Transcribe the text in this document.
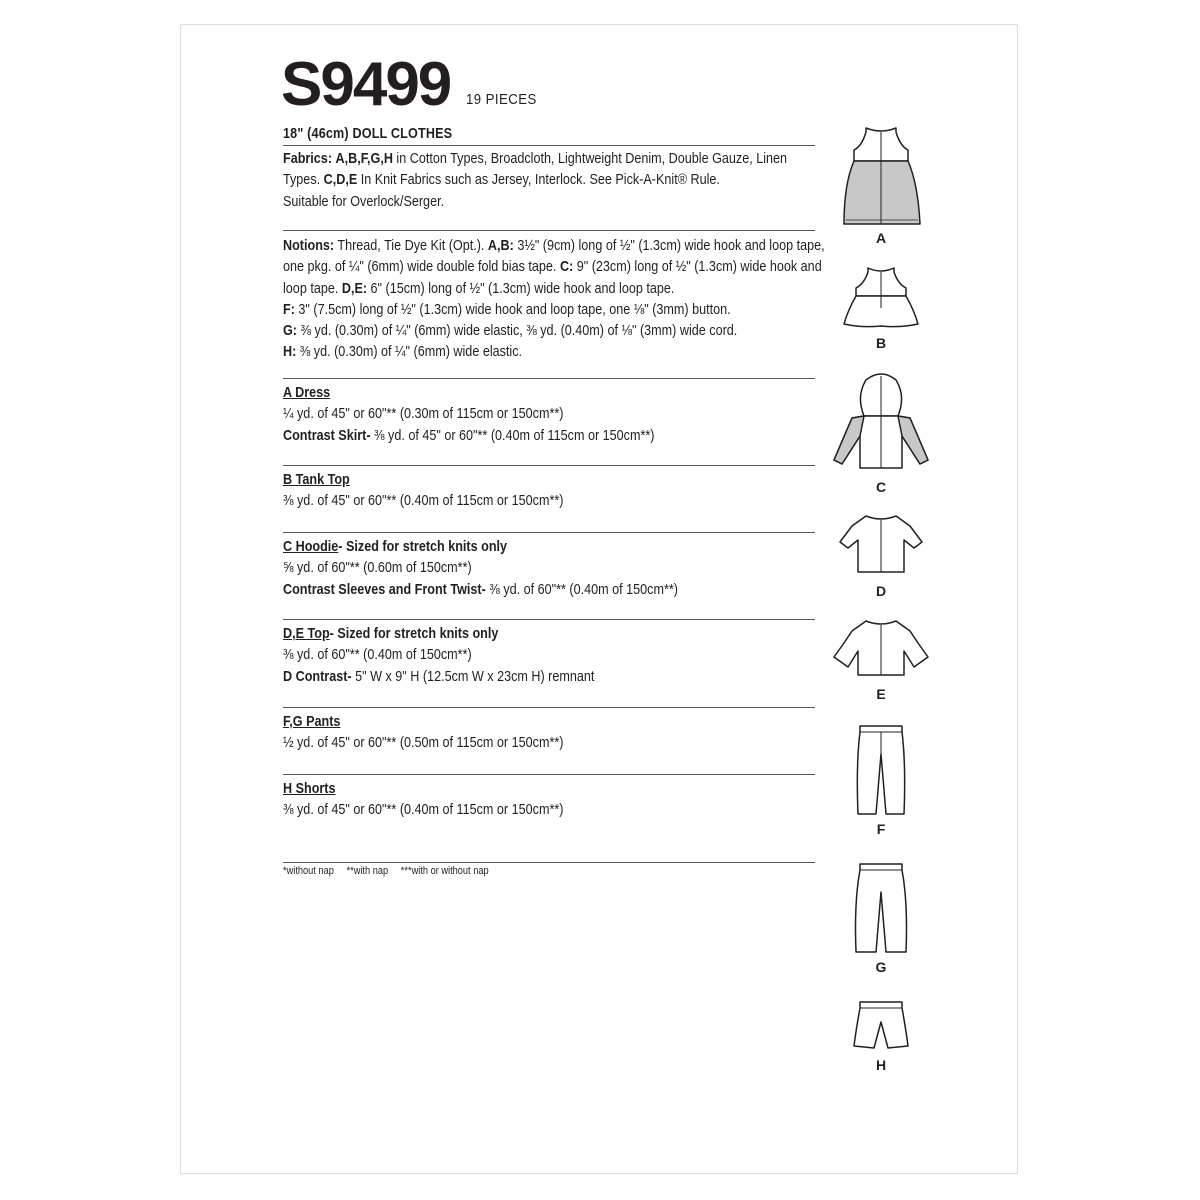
S9499 19 PIECES
18" (46cm) DOLL CLOTHES
Fabrics: A,B,F,G,H in Cotton Types, Broadcloth, Lightweight Denim, Double Gauze, Linen Types. C,D,E In Knit Fabrics such as Jersey, Interlock. See Pick-A-Knit® Rule.
Suitable for Overlock/Serger.
Notions: Thread, Tie Dye Kit (Opt.). A,B: 3½" (9cm) long of ½" (1.3cm) wide hook and loop tape, one pkg. of ¼" (6mm) wide double fold bias tape. C: 9" (23cm) long of ½" (1.3cm) wide hook and loop tape. D,E: 6" (15cm) long of ½" (1.3cm) wide hook and loop tape.
F: 3" (7.5cm) long of ½" (1.3cm) wide hook and loop tape, one ⅛" (3mm) button.
G: ⅜ yd. (0.30m) of ¼" (6mm) wide elastic, ⅜ yd. (0.40m) of ⅛" (3mm) wide cord.
H: ⅜ yd. (0.30m) of ¼" (6mm) wide elastic.
A Dress
¼ yd. of 45" or 60"** (0.30m of 115cm or 150cm**)
Contrast Skirt- ⅜ yd. of 45" or 60"** (0.40m of 115cm or 150cm**)
B Tank Top
⅜ yd. of 45" or 60"** (0.40m of 115cm or 150cm**)
C Hoodie- Sized for stretch knits only
⅝ yd. of 60"** (0.60m of 150cm**)
Contrast Sleeves and Front Twist- ⅜ yd. of 60"** (0.40m of 150cm**)
D,E Top- Sized for stretch knits only
⅜ yd. of 60"** (0.40m of 150cm**)
D Contrast- 5" W x 9" H (12.5cm W x 23cm H) remnant
F,G Pants
½ yd. of 45" or 60"** (0.50m of 115cm or 150cm**)
H Shorts
⅜ yd. of 45" or 60"** (0.40m of 115cm or 150cm**)
*without nap **with nap ***with or without nap
A
B
C
D
E
F
G
H
